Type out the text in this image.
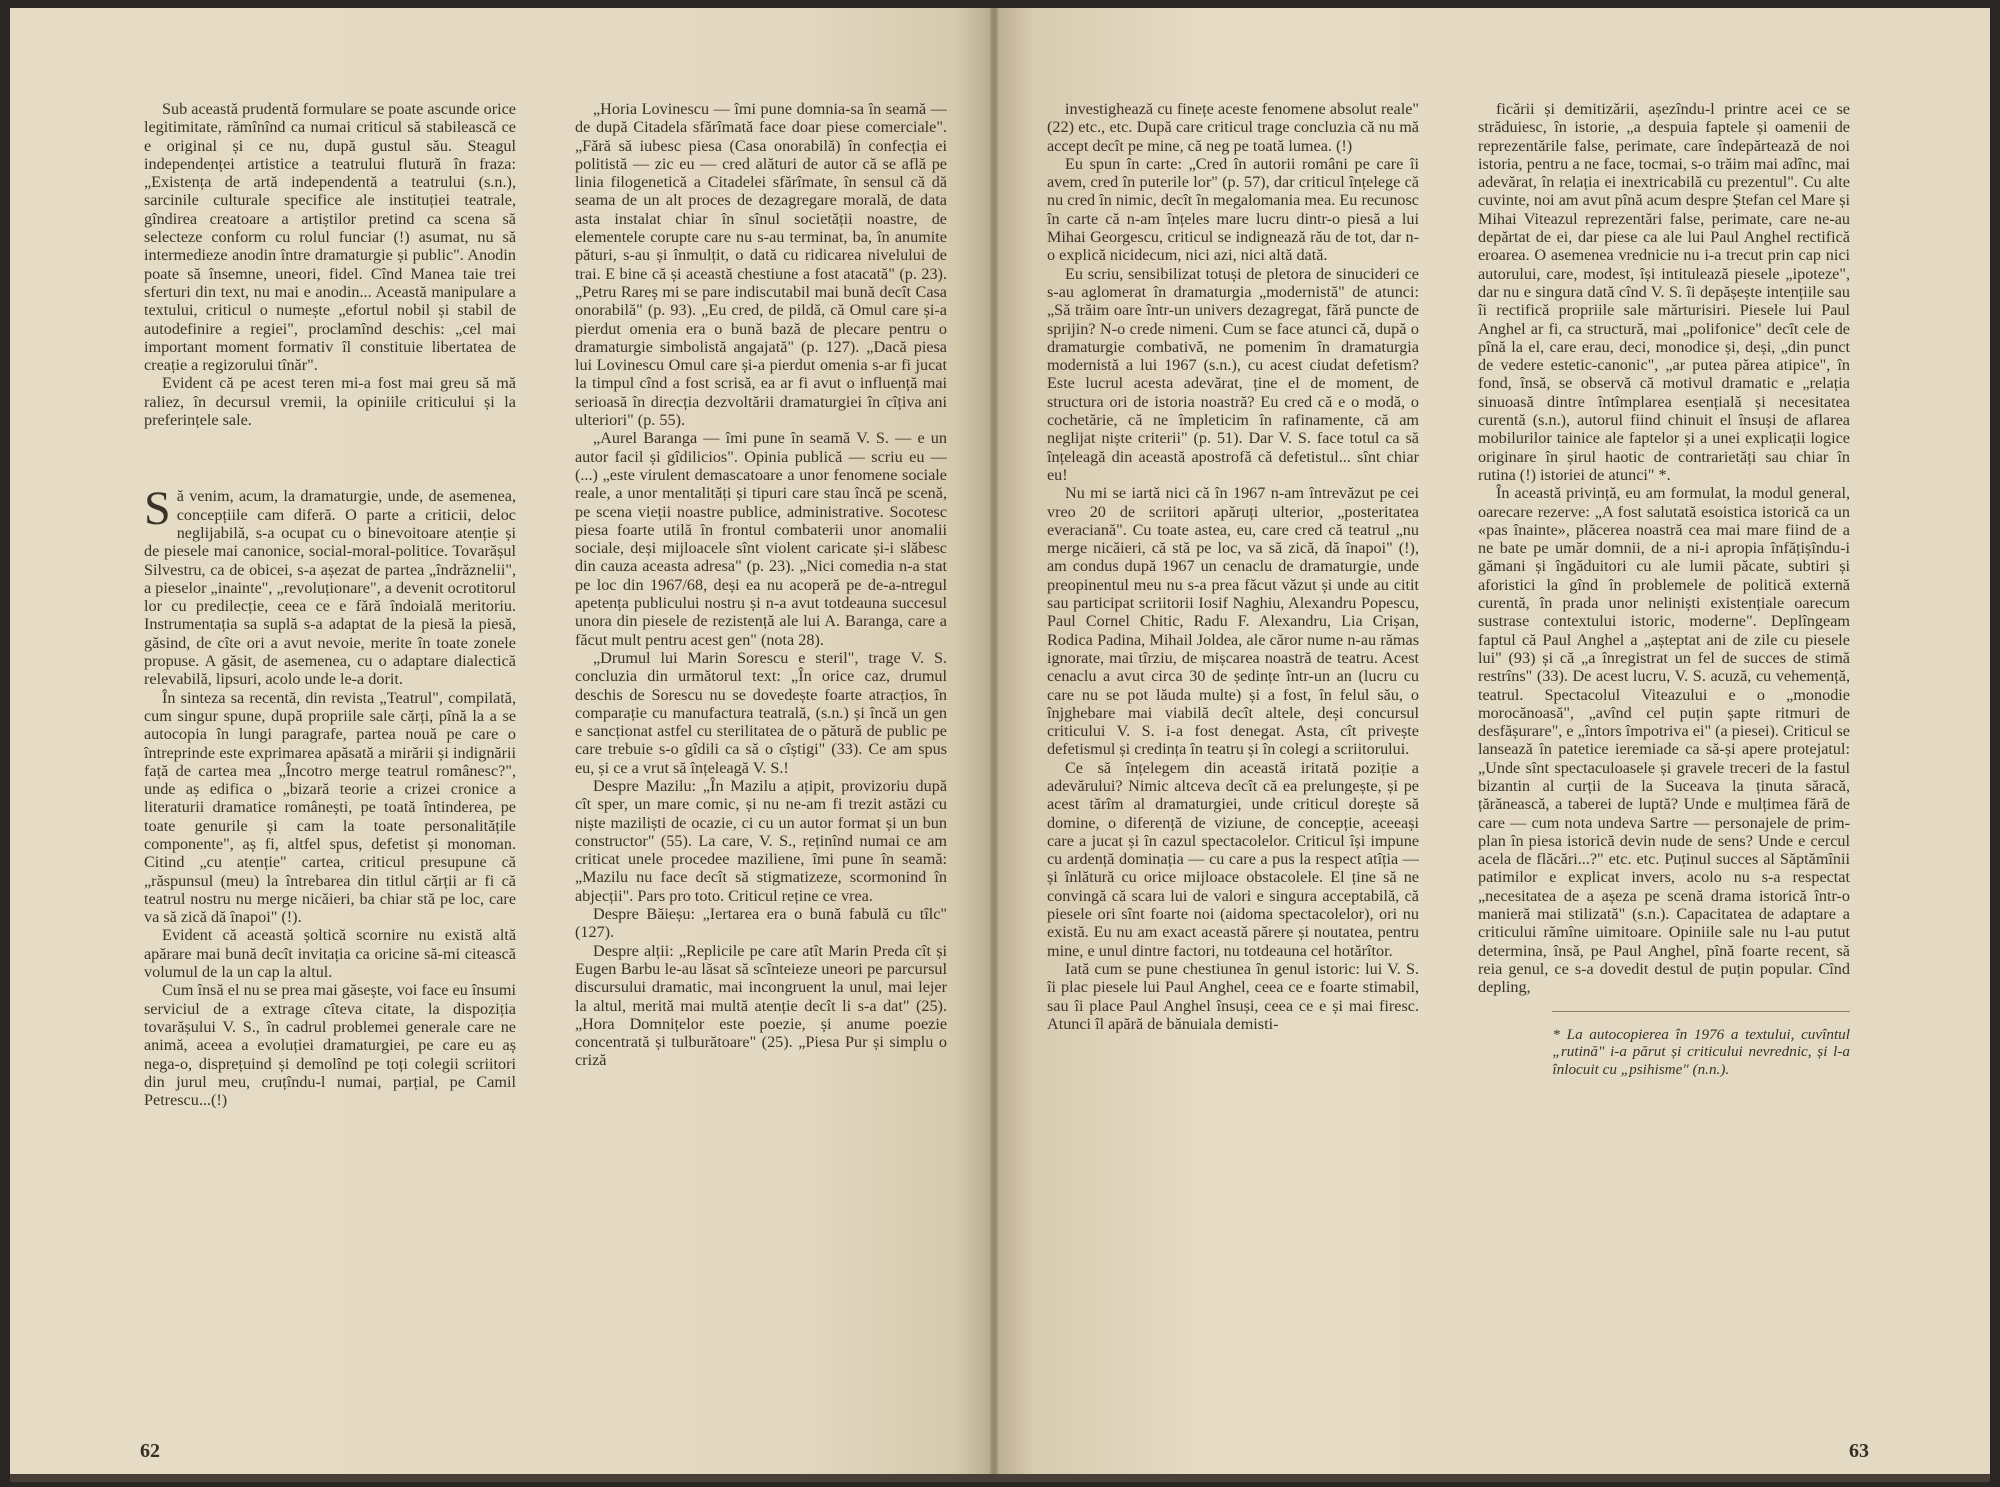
Sub această prudentă formulare se poate ascunde orice legitimitate, rămînînd ca numai criticul să stabilească ce e original și ce nu, după gustul său. Steagul independenței artistice a teatrului flutură în fraza: „Existența de artă independentă a teatrului (s.n.), sarcinile culturale specifice ale instituției teatrale, gîndirea creatoare a artiștilor pretind ca scena să selecteze conform cu rolul funciar (!) asumat, nu să intermedieze anodin între dramaturgie și public". Anodin poate să însemne, uneori, fidel. Cînd Manea taie trei sferturi din text, nu mai e anodin... Această manipulare a textului, criticul o numește „efortul nobil și stabil de autodefinire a regiei", proclamînd deschis: „cel mai important moment formativ îl constituie libertatea de creație a regizorului tînăr".

Evident că pe acest teren mi-a fost mai greu să mă raliez, în decursul vremii, la opiniile criticului și la preferințele sale.

Să venim, acum, la dramaturgie, unde, de asemenea, concepțiile cam diferă. O parte a criticii, deloc neglijabilă, s-a ocupat cu o binevoitoare atenție și de piesele mai canonice, social-moral-politice. Tovarășul Silvestru, ca de obicei, s-a așezat de partea „îndrăznelii", a pieselor „inainte", „revoluționare", a devenit ocrotitorul lor cu predilecție, ceea ce e fără îndoială meritoriu. Instrumentația sa suplă s-a adaptat de la piesă la piesă, găsind, de cîte ori a avut nevoie, merite în toate zonele propuse. A găsit, de asemenea, cu o adaptare dialectică relevabilă, lipsuri, acolo unde le-a dorit.

În sinteza sa recentă, din revista „Teatrul", compilată, cum singur spune, după propriile sale cărți, pînă la a se autocopia în lungi paragrafe, partea nouă pe care o întreprinde este exprimarea apăsată a mirării și indignării față de cartea mea „Încotro merge teatrul românesc?", unde aș edifica o „bizară teorie a crizei cronice a literaturii dramatice românești, pe toată întinderea, pe toate genurile și cam la toate personalitățile componente", aș fi, altfel spus, defetist și monoman. Citind „cu atenție" cartea, criticul presupune că „răspunsul (meu) la întrebarea din titlul cărții ar fi că teatrul nostru nu merge nicăieri, ba chiar stă pe loc, care va să zică dă înapoi" (!).

Evident că această șoltică scornire nu există altă apărare mai bună decît invitația ca oricine să-mi citească volumul de la un cap la altul.

Cum însă el nu se prea mai găsește, voi face eu însumi serviciul de a extrage cîteva citate, la dispoziția tovarășului V. S., în cadrul problemei generale care ne animă, aceea a evoluției dramaturgiei, pe care eu aș nega-o, disprețuind și demolînd pe toți colegii scriitori din jurul meu, cruțîndu-l numai, parțial, pe Camil Petrescu...(!)

„Horia Lovinescu — îmi pune domnia-sa în seamă — de după Citadela sfărîmată face doar piese comerciale". „Fără să iubesc piesa (Casa onorabilă) în confecția ei politistă — zic eu — cred alături de autor că se află pe linia filogenetică a Citadelei sfărîmate, în sensul că dă seama de un alt proces de dezagregare morală, de data asta instalat chiar în sînul societății noastre, de elementele corupte care nu s-au terminat, ba, în anumite pături, s-au și înmulțit, o dată cu ridicarea nivelului de trai. E bine că și această chestiune a fost atacată" (p. 23). „Petru Rareș mi se pare indiscutabil mai bună decît Casa onorabilă" (p. 93). „Eu cred, de pildă, că Omul care și-a pierdut omenia era o bună bază de plecare pentru o dramaturgie simbolistă angajată" (p. 127). „Dacă piesa lui Lovinescu Omul care și-a pierdut omenia s-ar fi jucat la timpul cînd a fost scrisă, ea ar fi avut o influență mai serioasă în direcția dezvoltării dramaturgiei în cîțiva ani ulteriori" (p. 55).

„Aurel Baranga — îmi pune în seamă V. S. — e un autor facil și gîdilicios". Opinia publică — scriu eu — (...) „este virulent demascatoare a unor fenomene sociale reale, a unor mentalități și tipuri care stau încă pe scenă, pe scena vieții noastre publice, administrative. Socotesc piesa foarte utilă în frontul combaterii unor anomalii sociale, deși mijloacele sînt violent caricate și-i slăbesc din cauza aceasta adresa" (p. 23). „Nici comedia n-a stat pe loc din 1967/68, deși ea nu acoperă pe de-a-ntregul apetența publicului nostru și n-a avut totdeauna succesul unora din piesele de rezistență ale lui A. Baranga, care a făcut mult pentru acest gen" (nota 28).

„Drumul lui Marin Sorescu e steril", trage V. S. concluzia din următorul text: „În orice caz, drumul deschis de Sorescu nu se dovedește foarte atracțios, în comparație cu manufactura teatrală, (s.n.) și încă un gen e sancționat astfel cu sterilitatea de o pătură de public pe care trebuie s-o gîdili ca să o cîștigi" (33). Ce am spus eu, și ce a vrut să înțeleagă V. S.!

Despre Mazilu: „În Mazilu a ațipit, provizoriu după cît sper, un mare comic, și nu ne-am fi trezit astăzi cu niște maziliști de ocazie, ci cu un autor format și un bun constructor" (55). La care, V. S., reținînd numai ce am criticat unele procedee maziliene, îmi pune în seamă: „Mazilu nu face decît să stigmatizeze, scormonind în abjecții". Pars pro toto. Criticul reține ce vrea.

Despre Băieșu: „Iertarea era o bună fabulă cu tîlc" (127).

Despre alții: „Replicile pe care atît Marin Preda cît și Eugen Barbu le-au lăsat să scînteieze uneori pe parcursul discursului dramatic, mai incongruent la unul, mai lejer la altul, merită mai multă atenție decît li s-a dat" (25). „Hora Domnițelor este poezie, și anume poezie concentrată și tulburătoare" (25). „Piesa Pur și simplu o criză

62

investighează cu finețe aceste fenomene absolut reale" (22) etc., etc. După care criticul trage concluzia că nu mă accept decît pe mine, că neg pe toată lumea. (!)

Eu spun în carte: „Cred în autorii români pe care îi avem, cred în puterile lor" (p. 57), dar criticul înțelege că nu cred în nimic, decît în megalomania mea. Eu recunosc în carte că n-am înțeles mare lucru dintr-o piesă a lui Mihai Georgescu, criticul se indignează rău de tot, dar n-o explică nicidecum, nici azi, nici altă dată.

Eu scriu, sensibilizat totuși de pletora de sinucideri ce s-au aglomerat în dramaturgia „modernistă" de atunci: „Să trăim oare într-un univers dezagregat, fără puncte de sprijin? N-o crede nimeni. Cum se face atunci că, după o dramaturgie combativă, ne pomenim în dramaturgia modernistă a lui 1967 (s.n.), cu acest ciudat defetism? Este lucrul acesta adevărat, ține el de moment, de structura ori de istoria noastră? Eu cred că e o modă, o cochetărie, că ne împleticim în rafinamente, că am neglijat niște criterii" (p. 51). Dar V. S. face totul ca să înțeleagă din această apostrofă că defetistul... sînt chiar eu!

Nu mi se iartă nici că în 1967 n-am întrevăzut pe cei vreo 20 de scriitori apăruți ulterior, „posteritatea everaciană". Cu toate astea, eu, care cred că teatrul „nu merge nicăieri, că stă pe loc, va să zică, dă înapoi" (!), am condus după 1967 un cenaclu de dramaturgie, unde preopinentul meu nu s-a prea făcut văzut și unde au citit sau participat scriitorii Iosif Naghiu, Alexandru Popescu, Paul Cornel Chitic, Radu F. Alexandru, Lia Crișan, Rodica Padina, Mihail Joldea, ale căror nume n-au rămas ignorate, mai tîrziu, de mișcarea noastră de teatru. Acest cenaclu a avut circa 30 de ședințe într-un an (lucru cu care nu se pot lăuda multe) și a fost, în felul său, o înjghebare mai viabilă decît altele, deși concursul criticului V. S. i-a fost denegat. Asta, cît privește defetismul și credința în teatru și în colegi a scriitorului.

Ce să înțelegem din această iritată poziție a adevărului? Nimic altceva decît că ea prelungește, și pe acest tărîm al dramaturgiei, unde criticul dorește să domine, o diferență de viziune, de concepție, aceeași care a jucat și în cazul spectacolelor. Criticul își impune cu ardență dominația — cu care a pus la respect atîția — și înlătură cu orice mijloace obstacolele. El ține să ne convingă că scara lui de valori e singura acceptabilă, că piesele ori sînt foarte noi (aidoma spectacolelor), ori nu există. Eu nu am exact această părere și noutatea, pentru mine, e unul dintre factori, nu totdeauna cel hotărîtor.

Iată cum se pune chestiunea în genul istoric: lui V. S. îi plac piesele lui Paul Anghel, ceea ce e foarte stimabil, sau îi place Paul Anghel însuși, ceea ce e și mai firesc. Atunci îl apără de bănuiala demisti-

ficării și demitizării, așezîndu-l printre acei ce se străduiesc, în istorie, „a despuia faptele și oamenii de reprezentările false, perimate, care îndepărtează de noi istoria, pentru a ne face, tocmai, s-o trăim mai adînc, mai adevărat, în relația ei inextricabilă cu prezentul". Cu alte cuvinte, noi am avut pînă acum despre Ștefan cel Mare și Mihai Viteazul reprezentări false, perimate, care ne-au depărtat de ei, dar piese ca ale lui Paul Anghel rectifică eroarea. O asemenea vrednicie nu i-a trecut prin cap nici autorului, care, modest, își intitulează piesele „ipoteze", dar nu e singura dată cînd V. S. îi depășește intențiile sau îi rectifică propriile sale mărturisiri. Piesele lui Paul Anghel ar fi, ca structură, mai „polifonice" decît cele de pînă la el, care erau, deci, monodice și, deși, „din punct de vedere estetic-canonic", „ar putea părea atipice", în fond, însă, se observă că motivul dramatic e „relația sinuoasă dintre întîmplarea esențială și necesitatea curentă (s.n.), autorul fiind chinuit el însuși de aflarea mobilurilor tainice ale faptelor și a unei explicații logice originare în șirul haotic de contrarietăți sau chiar în rutina (!) istoriei de atunci" *.

În această privință, eu am formulat, la modul general, oarecare rezerve: „A fost salutată esoistica istorică ca un «pas înainte», plăcerea noastră cea mai mare fiind de a ne bate pe umăr domnii, de a ni-i apropia înfățișîndu-i gămani și îngăduitori cu ale lumii păcate, subtiri și aforistici la gînd în problemele de politică externă curentă, în prada unor neliniști existențiale oarecum sustrase contextului istoric, moderne". Deplîngeam faptul că Paul Anghel a „așteptat ani de zile cu piesele lui" (93) și că „a înregistrat un fel de succes de stimă restrîns" (33). De acest lucru, V. S. acuză, cu vehemență, teatrul. Spectacolul Viteazului e o „monodie morocănoasă", „avînd cel puțin șapte ritmuri de desfășurare", e „întors împotriva ei" (a piesei). Criticul se lansează în patetice ieremiade ca să-și apere protejatul: „Unde sînt spectaculoasele și gravele treceri de la fastul bizantin al curții de la Suceava la ținuta săracă, țărănească, a taberei de luptă? Unde e mulțimea fără de care — cum nota undeva Sartre — personajele de prim-plan în piesa istorică devin nude de sens? Unde e cercul acela de flăcări...?" etc. etc. Puținul succes al Săptămînii patimilor e explicat invers, acolo nu s-a respectat „necesitatea de a așeza pe scenă drama istorică într-o manieră mai stilizată" (s.n.). Capacitatea de adaptare a criticului rămîne uimitoare. Opiniile sale nu l-au putut determina, însă, pe Paul Anghel, pînă foarte recent, să reia genul, ce s-a dovedit destul de puțin popular. Cînd depling,

* La autocopierea în 1976 a textului, cuvîntul „rutină" i-a părut și criticului nevrednic, și l-a înlocuit cu „psihisme" (n.n.).
63
